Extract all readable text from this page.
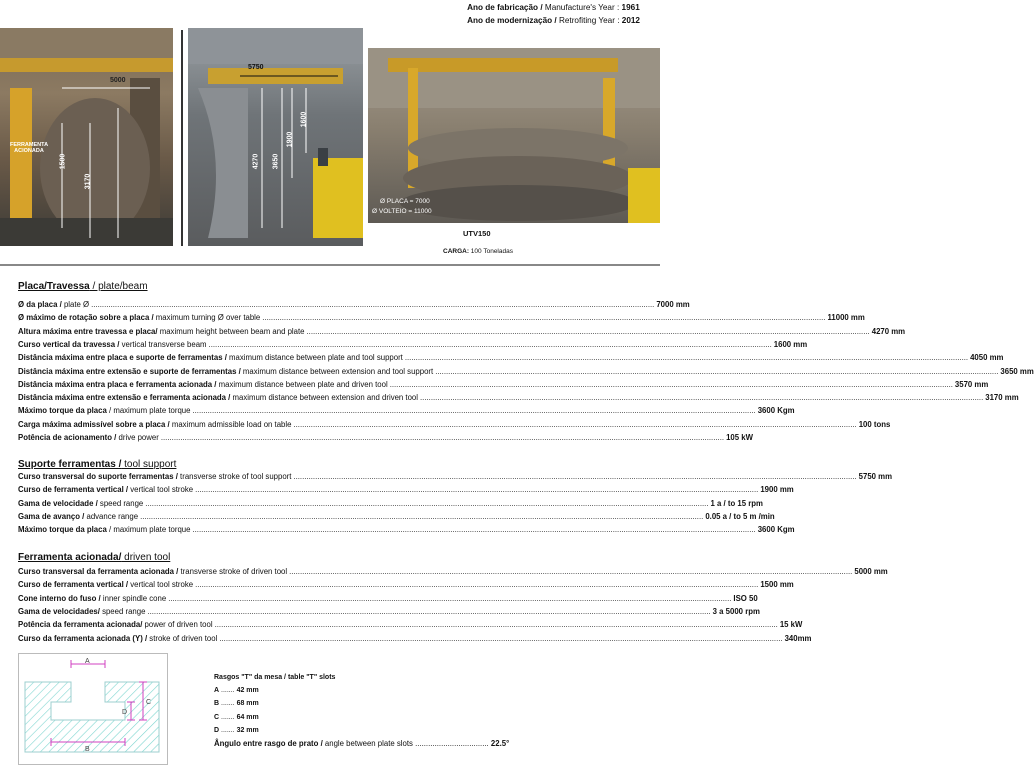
Ano de fabricação / Manufacture's Year : 1961
Ano de modernização / Retrofiting Year : 2012
5000
1500
3170
FERRAMENTA ACIONADA
5750
4270 3650
1900
1600
Ø PLACA = 7000
Ø VOLTEIO = 11000
UTV150
CARGA: 100 Toneladas
Placa/Travessa / plate/beam
Ø da placa / plate Ø .................................................................................................................................................................................................................................................................... 7000 mm
Ø máximo de rotação sobre a placa / maximum turning Ø over table .................................................................................................................................................................................................................................................................... 11000 mm
Altura máxima entre travessa e placa/ maximum height between beam and plate .................................................................................................................................................................................................................................................................... 4270 mm
Curso vertical da travessa / vertical transverse beam .................................................................................................................................................................................................................................................................... 1600 mm
Distância máxima entre placa e suporte de ferramentas / maximum distance between plate and tool support .................................................................................................................................................................................................................................................................... 4050 mm
Distância máxima entre extensão e suporte de ferramentas / maximum distance between extension and tool support .................................................................................................................................................................................................................................................................... 3650 mm
Distância máxima entra placa e ferramenta acionada / maximum distance between plate and driven tool .................................................................................................................................................................................................................................................................... 3570 mm
Distância máxima entre extensão e ferramenta acionada / maximum distance between extension and driven tool .................................................................................................................................................................................................................................................................... 3170 mm
Máximo torque da placa / maximum plate torque .................................................................................................................................................................................................................................................................... 3600 Kgm
Carga máxima admissível sobre a placa / maximum admissible load on table .................................................................................................................................................................................................................................................................... 100 tons
Potência de acionamento / drive power .................................................................................................................................................................................................................................................................... 105 kW
Suporte ferramentas / tool support
Curso transversal do suporte ferramentas / transverse stroke of tool support .................................................................................................................................................................................................................................................................... 5750 mm
Curso de ferramenta vertical / vertical tool stroke .................................................................................................................................................................................................................................................................... 1900 mm
Gama de velocidade / speed range .................................................................................................................................................................................................................................................................... 1 a / to 15 rpm
Gama de avanço / advance range .................................................................................................................................................................................................................................................................... 0.05 a / to 5 m /min
Máximo torque da placa / maximum plate torque .................................................................................................................................................................................................................................................................... 3600 Kgm
Ferramenta acionada/ driven tool
Curso transversal da ferramenta acionada / transverse stroke of driven tool .................................................................................................................................................................................................................................................................... 5000 mm
Curso de ferramenta vertical / vertical tool stroke .................................................................................................................................................................................................................................................................... 1500 mm
Cone interno do fuso / inner spindle cone .................................................................................................................................................................................................................................................................... ISO 50
Gama de velocidades/ speed range .................................................................................................................................................................................................................................................................... 3 a 5000 rpm
Potência da ferramenta acionada/ power of driven tool .................................................................................................................................................................................................................................................................... 15 kW
Curso da ferramenta acionada (Y) / stroke of driven tool .................................................................................................................................................................................................................................................................... 340mm
A
B
C
D
Rasgos "T" da mesa / table "T" slots
A ....... 42 mm
B ....... 68 mm
C ....... 64 mm
D ....... 32 mm
Ângulo entre rasgo de prato / angle between plate slots .................................. 22.5°
